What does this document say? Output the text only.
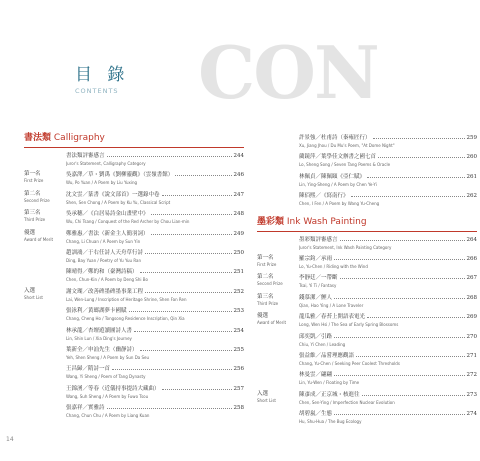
CON
目 錄
CONTENTS
書法類 Calligraphy
書法類評審感言	244
Juror's Statement, Calligraphy Category
第一名
First Prize
吳嘉澤／草・劉禹《劉柳靈觀》（雲嶺書館）	246
Wu, Po Yuan / A Poem by Liu Yuxing
第二名
Second Prize
沈文雲／篆書《說文部首》一選錄中卷	247
Shen, Sen Chong / A Poem by Ku Yu, Classical Script
第三名
Third Prize
吳承穗／《白居易詩金山畫壁中》	248
Wu, Chi Tsang / Conquest of the Red Archer by Chou Lian-min
優選
Award of Merit
鄭雅惠／書法（新金主人簡羽詞）	249
Chang, Li Chuan / A Poem by Sun Yin
趙訓鴻／于右任詩人天舟草行詩	250
Ding, Bay Yuan / Poetry of Yu Yuu Ran
陳晴得／鄭的和（臺灣詩稿）	251
Chen, Chun-Kin / A Poem by Deng Shi Bo
入選
Short List
謝文瑚／改善碑墨碑墨事業工程	252
Lai, Wen-Lung / Inscription of Heritage Shrine, Shen Fan Ren
張泳利／黃瑯湖夢卡國賦	253
Chang, Cheng Ho / Tongsong Residence Inscription, Qin Xia
林承龍／杏壇遊讀圖詩人書	254
Lin, Shin Lun / Xia Ding's Journey
葉新全／申汕先生（幽靜詩）	255
Yeh, Shen Sheng / A Poem by Sun Da Seu
王昌歸／隋詩一首	256
Wang, Yi Sheng / Poem of Tang Dynasty
王錦湧／等春（近儀持事提詩大藏曲）	257
Wang, Suh Sheng / A Poem by Fuwo Tsou
張嘉祥／實雅詩	258
Chang, Chun Chu / A Poem by Liang Kuan
許景強／杜甫詩（秦雍匠行）	259
Xu, Jiang Jhou / Du Mu's Poem, "At Dome Night"
藺鏡萍／葉學佳文辦書之國七首	260
Lo, Sheng Song / Seven Tang Poems & Oracle
林佩貞／陳佩頤《亞仁賦》	261
Lin, Ying-Sheng / A Poem by Chen Ye-Yi
陳佰熙／《寫南行》	262
Chen, I Fen / A Poem by Wang Yu-Cheng
墨彩類 Ink Wash Painting
墨彩類評審感言	264
Juror's Statement, Ink Wash Painting Category
第一名
First Prize
羅宗鈞／承雨	266
Lo, Yu-Chen / Riding with the Wind
第二名
Second Prize
李靜廷／一帶斷	267
Tsai, Yi Ti / Fantasy
第三名
Third Prize
錢慕潔／鯉人	268
Qian, Hao Ying / A Lone Traveler
優選
Award of Merit
龍瓜雅／春苔上開語表電光	269
Long, Wen Hsi / The Sea of Early Spring Blossoms
邱奕凱／引路	270
Chiu, Yi Chen / Leading
張益維／品嘗理應觀語	271
Chang, Yu-Chen / Seeking Peer Coolest Thresholds
林曼雲／翩翩	272
Lin, Yu-Wen / Floating by Time
入選
Short List
陳彥成／正京城・核進往	273
Chen, Sen-Ying / Imperfection Nuclear Evolution
胡碧嵐／生態	274
Hu, Shu-Hua / The Bug Ecology
14
